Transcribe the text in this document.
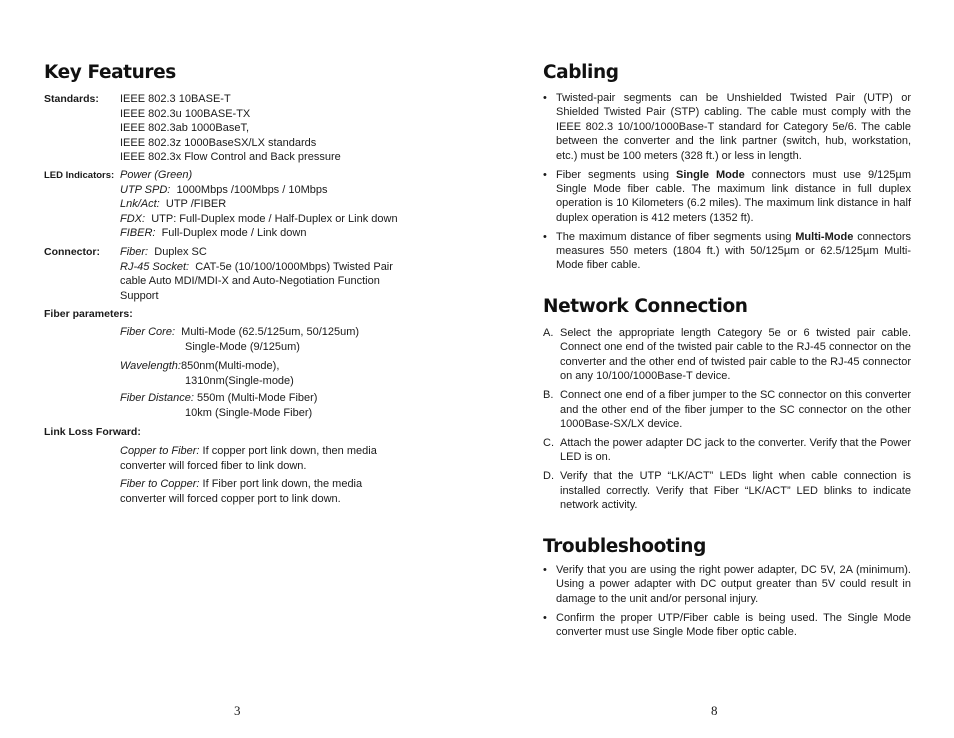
Key Features
Standards: IEEE 802.3 10BASE-T
IEEE 802.3u 100BASE-TX
IEEE 802.3ab 1000BaseT,
IEEE 802.3z 1000BaseSX/LX standards
IEEE 802.3x Flow Control and Back pressure
LED Indicators: Power (Green)
UTP SPD: 1000Mbps /100Mbps / 10Mbps
Lnk/Act: UTP /FIBER
FDX: UTP: Full-Duplex mode / Half-Duplex or Link down
FIBER: Full-Duplex mode / Link down
Connector: Fiber: Duplex SC
RJ-45 Socket: CAT-5e (10/100/1000Mbps) Twisted Pair
cable Auto MDI/MDI-X and Auto-Negotiation Function
Support
Fiber parameters:
Fiber Core: Multi-Mode (62.5/125um, 50/125um)
Single-Mode (9/125um)
Wavelength:850nm(Multi-mode),
1310nm(Single-mode)
Fiber Distance: 550m (Multi-Mode Fiber)
10km (Single-Mode Fiber)
Link Loss Forward:
Copper to Fiber: If copper port link down, then media
converter will forced fiber to link down.
Fiber to Copper: If Fiber port link down, the media
converter will forced copper port to link down.
3
Cabling
• Twisted-pair segments can be Unshielded Twisted Pair (UTP) or Shielded Twisted Pair (STP) cabling. The cable must comply with the IEEE 802.3 10/100/1000Base-T standard for Category 5e/6. The cable between the converter and the link partner (switch, hub, workstation, etc.) must be 100 meters (328 ft.) or less in length.
• Fiber segments using Single Mode connectors must use 9/125µm Single Mode fiber cable. The maximum link distance in full duplex operation is 10 Kilometers (6.2 miles). The maximum link distance in half duplex operation is 412 meters (1352 ft).
• The maximum distance of fiber segments using Multi-Mode connectors measures 550 meters (1804 ft.) with 50/125µm or 62.5/125µm Multi-Mode fiber cable.
Network Connection
A. Select the appropriate length Category 5e or 6 twisted pair cable. Connect one end of the twisted pair cable to the RJ-45 connector on the converter and the other end of twisted pair cable to the RJ-45 connector on any 10/100/1000Base-T device.
B. Connect one end of a fiber jumper to the SC connector on this converter and the other end of the fiber jumper to the SC connector on the other 1000Base-SX/LX device.
C. Attach the power adapter DC jack to the converter. Verify that the Power LED is on.
D. Verify that the UTP “LK/ACT” LEDs light when cable connection is installed correctly. Verify that Fiber “LK/ACT” LED blinks to indicate network activity.
Troubleshooting
• Verify that you are using the right power adapter, DC 5V, 2A (minimum). Using a power adapter with DC output greater than 5V could result in damage to the unit and/or personal injury.
• Confirm the proper UTP/Fiber cable is being used. The Single Mode converter must use Single Mode fiber optic cable.
8
